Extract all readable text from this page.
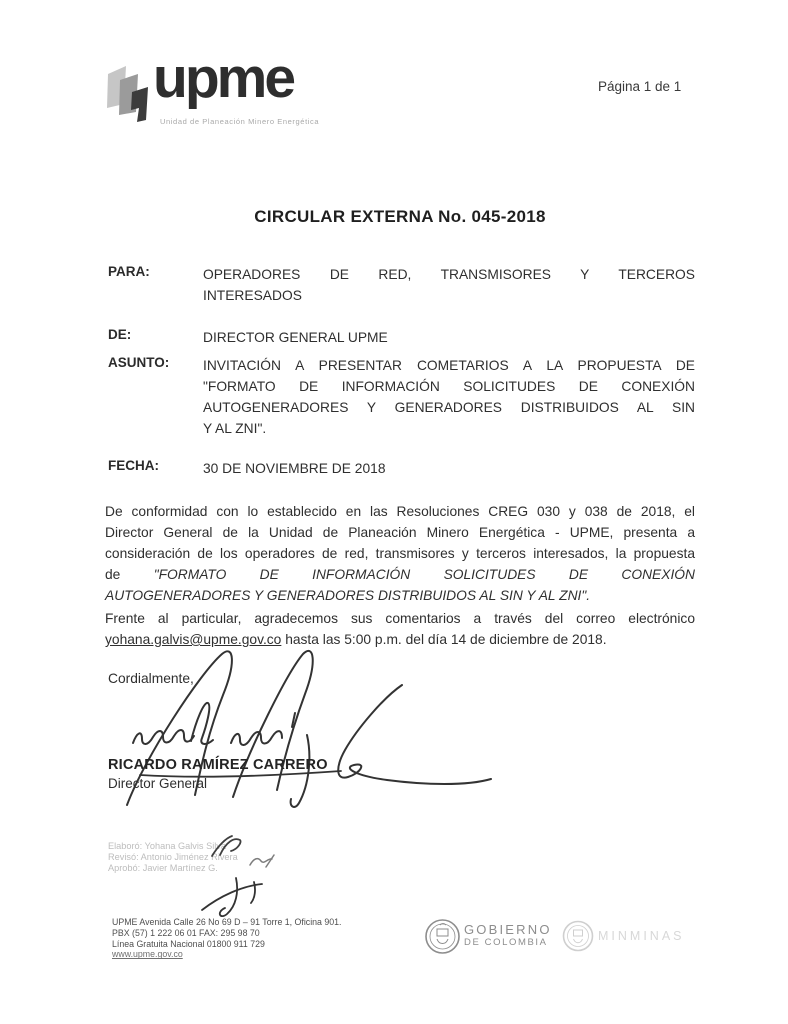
upme
Unidad de Planeación Minero Energética
Página 1 de 1
CIRCULAR EXTERNA No. 045-2018
PARA:	OPERADORES DE RED, TRANSMISORES Y TERCEROS
INTERESADOS
DE:	DIRECTOR GENERAL UPME
ASUNTO: INVITACIÓN A PRESENTAR COMETARIOS A LA PROPUESTA DE
"FORMATO DE INFORMACIÓN SOLICITUDES DE CONEXIÓN
AUTOGENERADORES Y GENERADORES DISTRIBUIDOS AL SIN
Y AL ZNI".
FECHA:	30 DE NOVIEMBRE DE 2018
De conformidad con lo establecido en las Resoluciones CREG 030 y 038 de 2018, el
Director General de la Unidad de Planeación Minero Energética - UPME, presenta a
consideración de los operadores de red, transmisores y terceros interesados, la propuesta
de "FORMATO DE INFORMACIÓN SOLICITUDES DE CONEXIÓN
AUTOGENERADORES Y GENERADORES DISTRIBUIDOS AL SIN Y AL ZNI".
Frente al particular, agradecemos sus comentarios a través del correo electrónico
yohana.galvis@upme.gov.co hasta las 5:00 p.m. del día 14 de diciembre de 2018.
Cordialmente,
RICARDO RAMÍREZ CARRERO
Director General
Elaboró: Yohana Galvis Silva
Revisó: Antonio Jiménez Rivera
Aprobó: Javier Martínez G.
UPME Avenida Calle 26 No 69 D – 91 Torre 1, Oficina 901.
PBX (57) 1 222 06 01 FAX: 295 98 70
Línea Gratuita Nacional 01800 911 729
www.upme.gov.co
GOBIERNO
DE COLOMBIA	MINMINAS
